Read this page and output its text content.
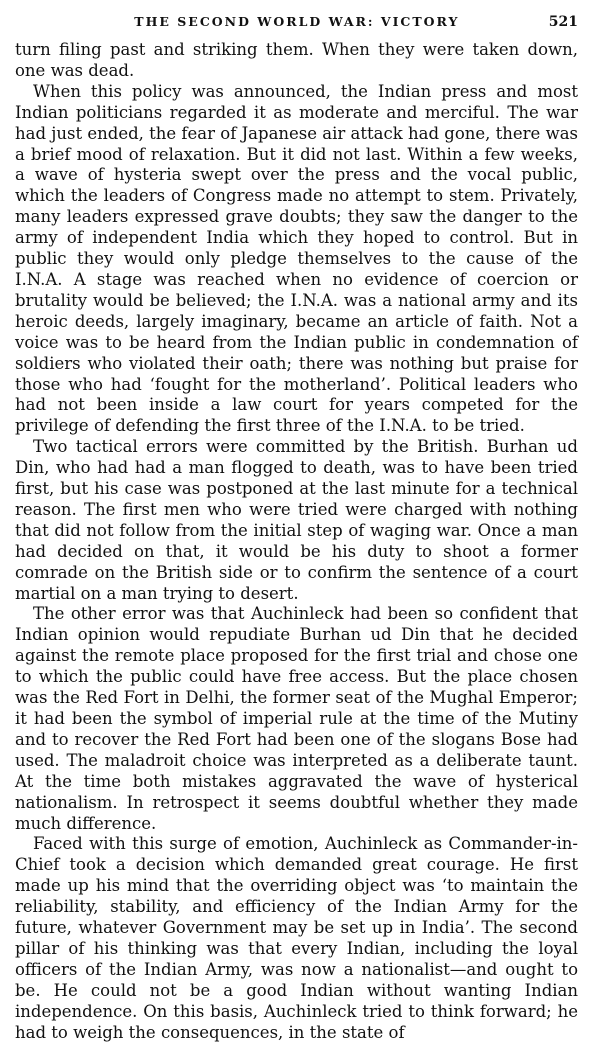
THE SECOND WORLD WAR: VICTORY	521

turn filing past and striking them. When they were taken down, one was dead.

When this policy was announced, the Indian press and most Indian politicians regarded it as moderate and merciful. The war had just ended, the fear of Japanese air attack had gone, there was a brief mood of relaxation. But it did not last. Within a few weeks, a wave of hysteria swept over the press and the vocal public, which the leaders of Congress made no attempt to stem. Privately, many leaders expressed grave doubts; they saw the danger to the army of independent India which they hoped to control. But in public they would only pledge themselves to the cause of the I.N.A. A stage was reached when no evidence of coercion or brutality would be believed; the I.N.A. was a national army and its heroic deeds, largely imaginary, became an article of faith. Not a voice was to be heard from the Indian public in condemnation of soldiers who violated their oath; there was nothing but praise for those who had ‘fought for the motherland’. Political leaders who had not been inside a law court for years competed for the privilege of defending the first three of the I.N.A. to be tried.

Two tactical errors were committed by the British. Burhan ud Din, who had had a man flogged to death, was to have been tried first, but his case was postponed at the last minute for a technical reason. The first men who were tried were charged with nothing that did not follow from the initial step of waging war. Once a man had decided on that, it would be his duty to shoot a former comrade on the British side or to confirm the sentence of a court martial on a man trying to desert.

The other error was that Auchinleck had been so confident that Indian opinion would repudiate Burhan ud Din that he decided against the remote place proposed for the first trial and chose one to which the public could have free access. But the place chosen was the Red Fort in Delhi, the former seat of the Mughal Emperor; it had been the symbol of imperial rule at the time of the Mutiny and to recover the Red Fort had been one of the slogans Bose had used. The maladroit choice was interpreted as a deliberate taunt. At the time both mistakes aggravated the wave of hysterical nationalism. In retrospect it seems doubtful whether they made much difference.

Faced with this surge of emotion, Auchinleck as Commander-in-Chief took a decision which demanded great courage. He first made up his mind that the overriding object was ‘to maintain the reliability, stability, and efficiency of the Indian Army for the future, whatever Government may be set up in India’. The second pillar of his thinking was that every Indian, including the loyal officers of the Indian Army, was now a nationalist—and ought to be. He could not be a good Indian without wanting Indian independence. On this basis, Auchinleck tried to think forward; he had to weigh the consequences, in the state of
